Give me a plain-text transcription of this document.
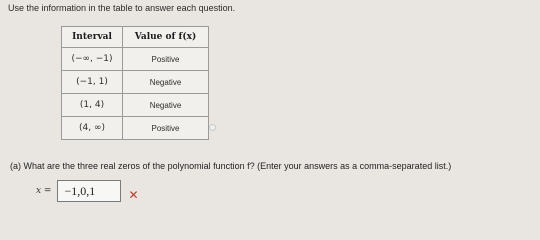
Use the information in the table to answer each question.
Interval	Value of f(x)
(−∞, −1)	Positive
(−1, 1)	Negative
(1, 4)	Negative
(4, ∞)	Positive
(a) What are the three real zeros of the polynomial function f? (Enter your answers as a comma-separated list.)
x =	−1,0,1	✕
